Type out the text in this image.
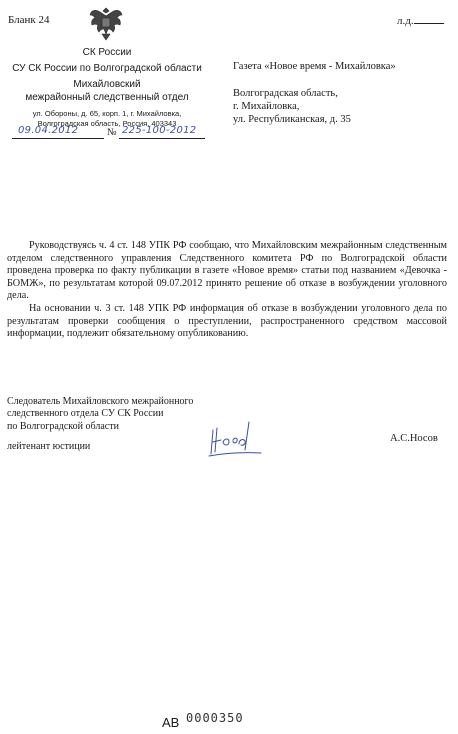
Бланк 24	л.д.
СК России
СУ СК России по Волгоградской области
Михайловский
межрайонный следственный отдел
ул. Обороны, д. 65, корп. 1, г. Михайловка,
Волгоградская область, Россия, 403343
09.04.2012	№ 225-100-2012
Газета «Новое время - Михайловка»
Волгоградская область,
г. Михайловка,
ул. Республиканская, д. 35

Руководствуясь ч. 4 ст. 148 УПК РФ сообщаю, что Михайловским межрайонным следственным отделом следственного управления Следственного комитета РФ по Волгоградской области проведена проверка по факту публикации в газете «Новое время» статьи под названием «Девочка - БОМЖ», по результатам которой 09.07.2012 принято решение об отказе в возбуждении уголовного дела.

На основании ч. 3 ст. 148 УПК РФ информация об отказе в возбуждении уголовного дела по результатам проверки сообщения о преступлении, распространенного средством массовой информации, подлежит обязательному опубликованию.

Следователь Михайловского межрайонного
следственного отдела СУ СК России
по Волгоградской области
лейтенант юстиции
А.С.Носов
АВ 0000350
